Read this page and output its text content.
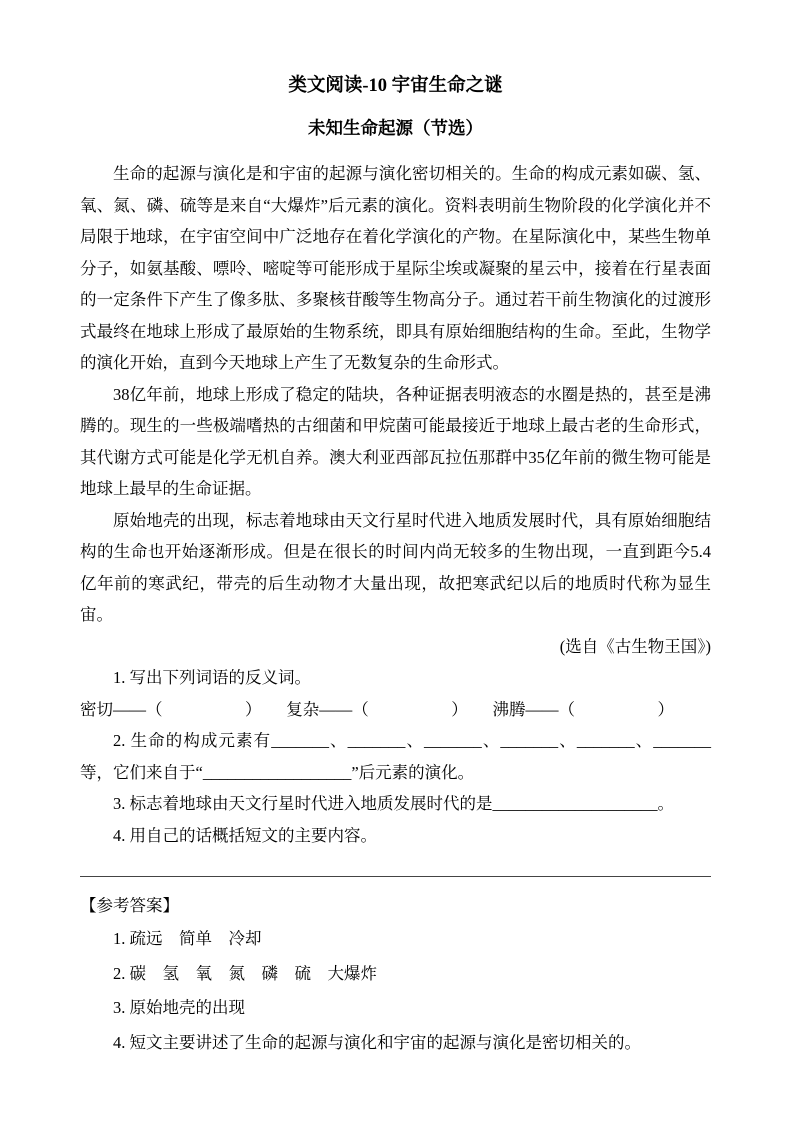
类文阅读-10 宇宙生命之谜
未知生命起源（节选）

生命的起源与演化是和宇宙的起源与演化密切相关的。生命的构成元素如碳、氢、氧、氮、磷、硫等是来自“大爆炸”后元素的演化。资料表明前生物阶段的化学演化并不局限于地球，在宇宙空间中广泛地存在着化学演化的产物。在星际演化中，某些生物单分子，如氨基酸、嘌呤、嘧啶等可能形成于星际尘埃或凝聚的星云中，接着在行星表面的一定条件下产生了像多肽、多聚核苷酸等生物高分子。通过若干前生物演化的过渡形式最终在地球上形成了最原始的生物系统，即具有原始细胞结构的生命。至此，生物学的演化开始，直到今天地球上产生了无数复杂的生命形式。

38亿年前，地球上形成了稳定的陆块，各种证据表明液态的水圈是热的，甚至是沸腾的。现生的一些极端嗜热的古细菌和甲烷菌可能最接近于地球上最古老的生命形式，其代谢方式可能是化学无机自养。澳大利亚西部瓦拉伍那群中35亿年前的微生物可能是地球上最早的生命证据。

原始地壳的出现，标志着地球由天文行星时代进入地质发展时代，具有原始细胞结构的生命也开始逐渐形成。但是在很长的时间内尚无较多的生物出现，一直到距今5.4亿年前的寒武纪，带壳的后生动物才大量出现，故把寒武纪以后的地质时代称为显生宙。

(选自《古生物王国》)

1. 写出下列词语的反义词。

密切——（　　　　　）　　复杂——（　　　　　）　　沸腾——（　　　　　）

2. 生命的构成元素有_______、_______、_______、_______、_______、_______等，它们来自于“__________________”后元素的演化。

3. 标志着地球由天文行星时代进入地质发展时代的是____________________。

4. 用自己的话概括短文的主要内容。

【参考答案】

1. 疏远　简单　冷却

2. 碳　氢　氧　氮　磷　硫　大爆炸

3. 原始地壳的出现

4. 短文主要讲述了生命的起源与演化和宇宙的起源与演化是密切相关的。
